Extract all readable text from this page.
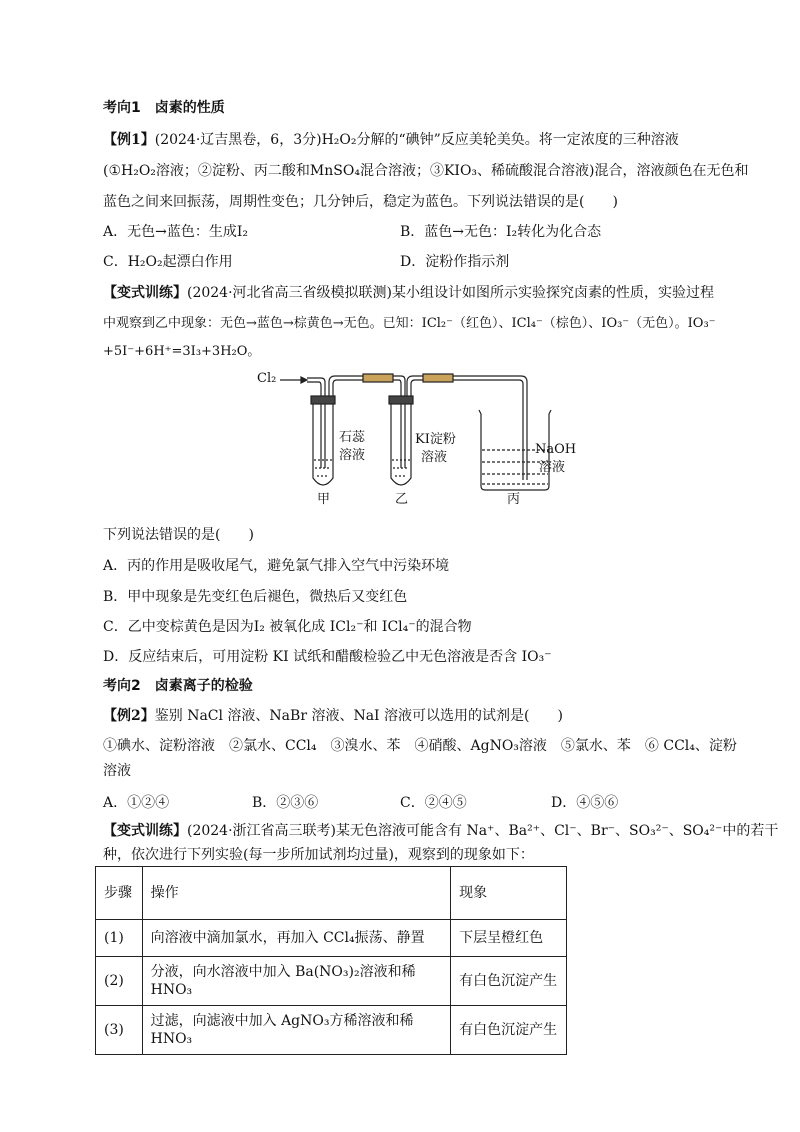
考向1　卤素的性质
【例1】(2024·辽吉黑卷，6，3分)H₂O₂分解的“碘钟”反应美轮美奂。将一定浓度的三种溶液
(①H₂O₂溶液；②淀粉、丙二酸和MnSO₄混合溶液；③KIO₃、稀硫酸混合溶液)混合，溶液颜色在无色和
蓝色之间来回振荡，周期性变色；几分钟后，稳定为蓝色。下列说法错误的是(　　)
A．无色→蓝色：生成I₂	B．蓝色→无色：I₂转化为化合态
C．H₂O₂起漂白作用	D．淀粉作指示剂
【变式训练】(2024·河北省高三省级模拟联测)某小组设计如图所示实验探究卤素的性质，实验过程
中观察到乙中现象：无色→蓝色→棕黄色→无色。已知：ICl₂⁻（红色）、ICl₄⁻（棕色）、IO₃⁻（无色）。IO₃⁻
+5I⁻+6H⁺=3I₃+3H₂O。
Cl₂
石蕊
溶液
KI淀粉
溶液
NaOH
溶液
甲	乙	丙
下列说法错误的是(　　)
A．丙的作用是吸收尾气，避免氯气排入空气中污染环境
B．甲中现象是先变红色后褪色，微热后又变红色
C．乙中变棕黄色是因为I₂ 被氧化成 ICl₂⁻和 ICl₄⁻的混合物
D．反应结束后，可用淀粉 KI 试纸和醋酸检验乙中无色溶液是否含 IO₃⁻
考向2　卤素离子的检验
【例2】鉴别 NaCl 溶液、NaBr 溶液、NaI 溶液可以选用的试剂是(　　)
①碘水、淀粉溶液　②氯水、CCl₄　③溴水、苯　④硝酸、AgNO₃溶液　⑤氯水、苯　⑥ CCl₄、淀粉
溶液
A．①②④	B．②③⑥	C．②④⑤	D．④⑤⑥
【变式训练】(2024·浙江省高三联考)某无色溶液可能含有 Na⁺、Ba²⁺、Cl⁻、Br⁻、SO₃²⁻、SO₄²⁻中的若干
种，依次进行下列实验(每一步所加试剂均过量)，观察到的现象如下：
步骤	操作	现象
(1)	向溶液中滴加氯水，再加入 CCl₄振荡、静置	下层呈橙红色
(2)	分液，向水溶液中加入 Ba(NO₃)₂溶液和稀 HNO₃	有白色沉淀产生
(3)	过滤，向滤液中加入 AgNO₃方稀溶液和稀 HNO₃	有白色沉淀产生
